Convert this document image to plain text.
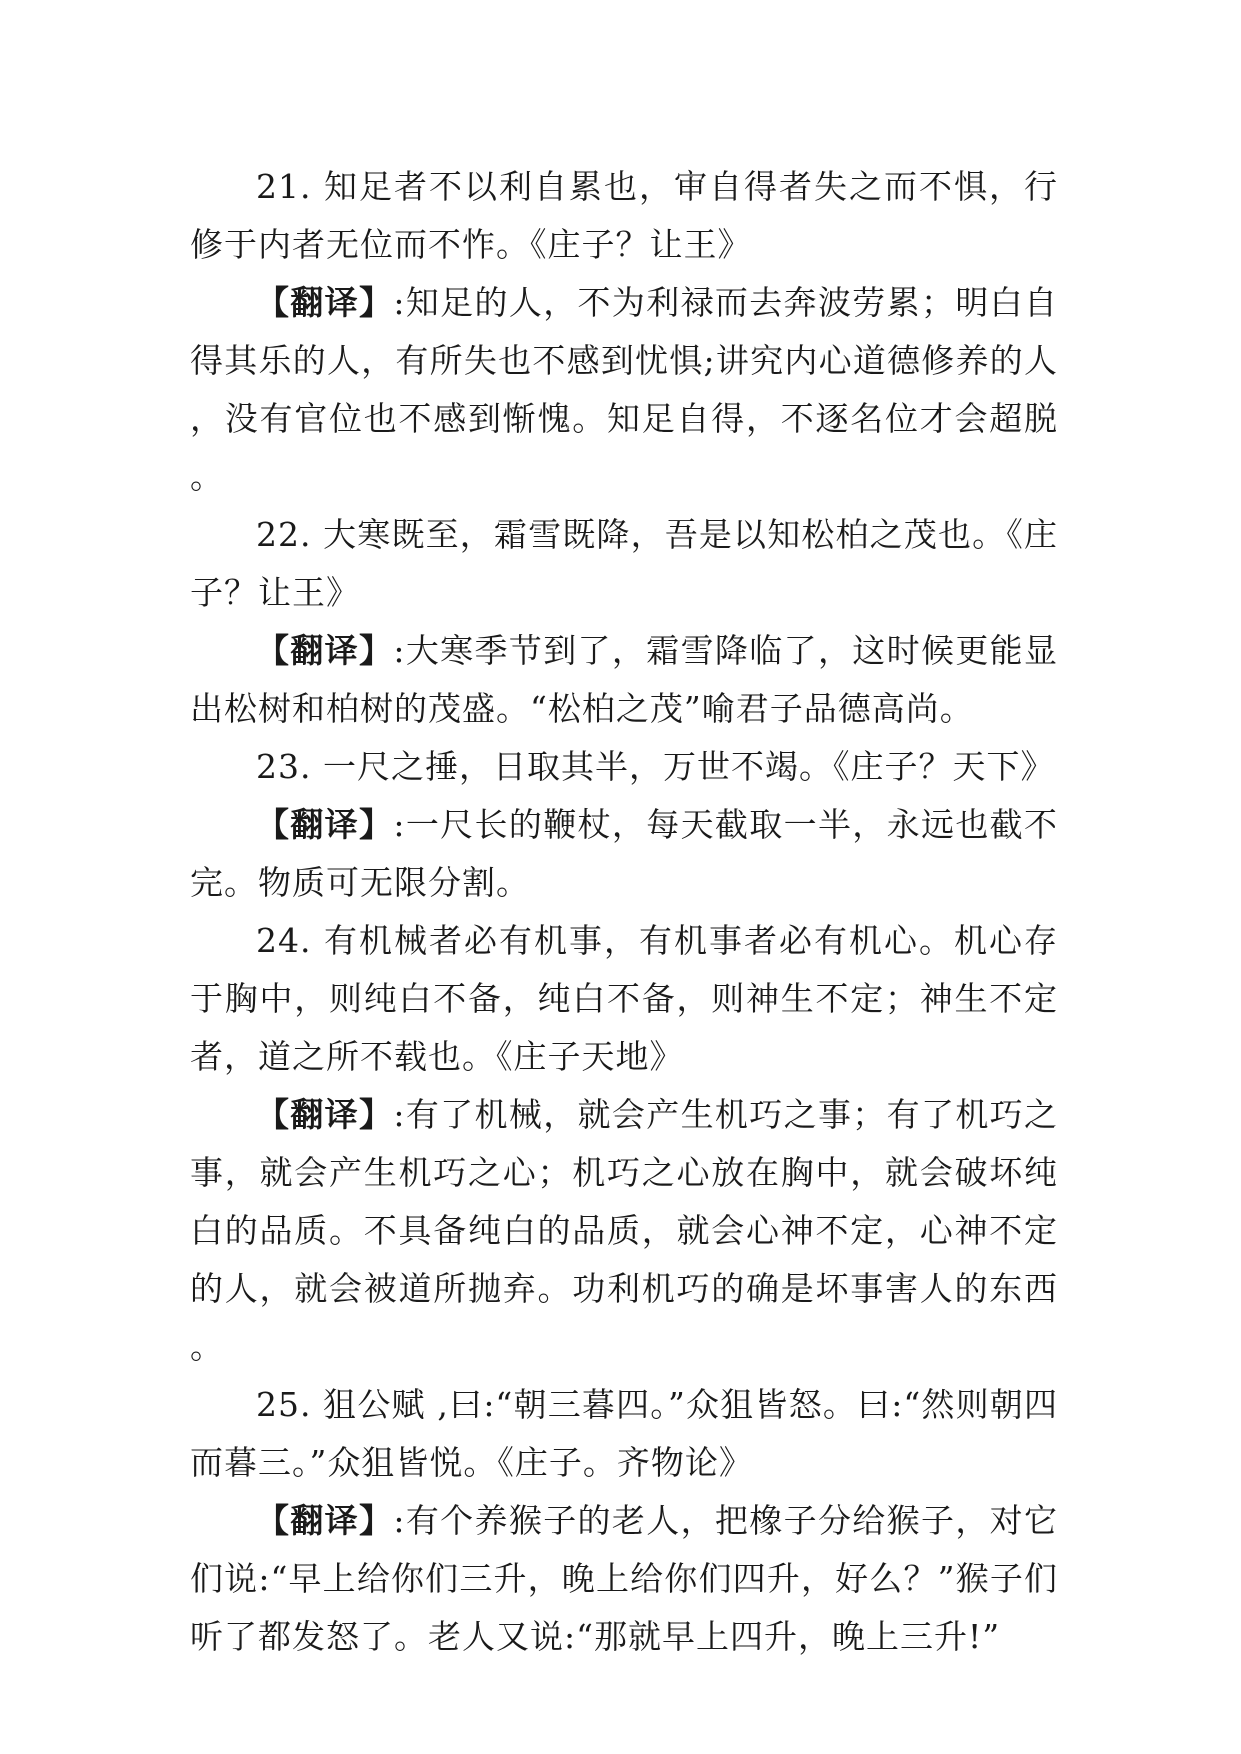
21. 知足者不以利自累也，审自得者失之而不惧，行修于内者无位而不怍。《庄子？让王》

【翻译】:知足的人，不为利禄而去奔波劳累；明白自得其乐的人，有所失也不感到忧惧;讲究内心道德修养的人，没有官位也不感到惭愧。知足自得，不逐名位才会超脱。

22. 大寒既至，霜雪既降，吾是以知松柏之茂也。《庄子？让王》

【翻译】:大寒季节到了，霜雪降临了，这时候更能显出松树和柏树的茂盛。“松柏之茂”喻君子品德高尚。

23. 一尺之捶，日取其半，万世不竭。《庄子？天下》

【翻译】:一尺长的鞭杖，每天截取一半，永远也截不完。物质可无限分割。

24. 有机械者必有机事，有机事者必有机心。机心存于胸中，则纯白不备，纯白不备，则神生不定；神生不定者，道之所不载也。《庄子天地》

【翻译】:有了机械，就会产生机巧之事；有了机巧之事，就会产生机巧之心；机巧之心放在胸中，就会破坏纯白的品质。不具备纯白的品质，就会心神不定，心神不定的人，就会被道所抛弃。功利机巧的确是坏事害人的东西。

25. 狙公赋 ,曰:“朝三暮四。”众狙皆怒。曰:“然则朝四而暮三。”众狙皆悦。《庄子。齐物论》

【翻译】:有个养猴子的老人，把橡子分给猴子，对它们说:“早上给你们三升，晚上给你们四升，好么？”猴子们听了都发怒了。老人又说:“那就早上四升，晚上三升!”
